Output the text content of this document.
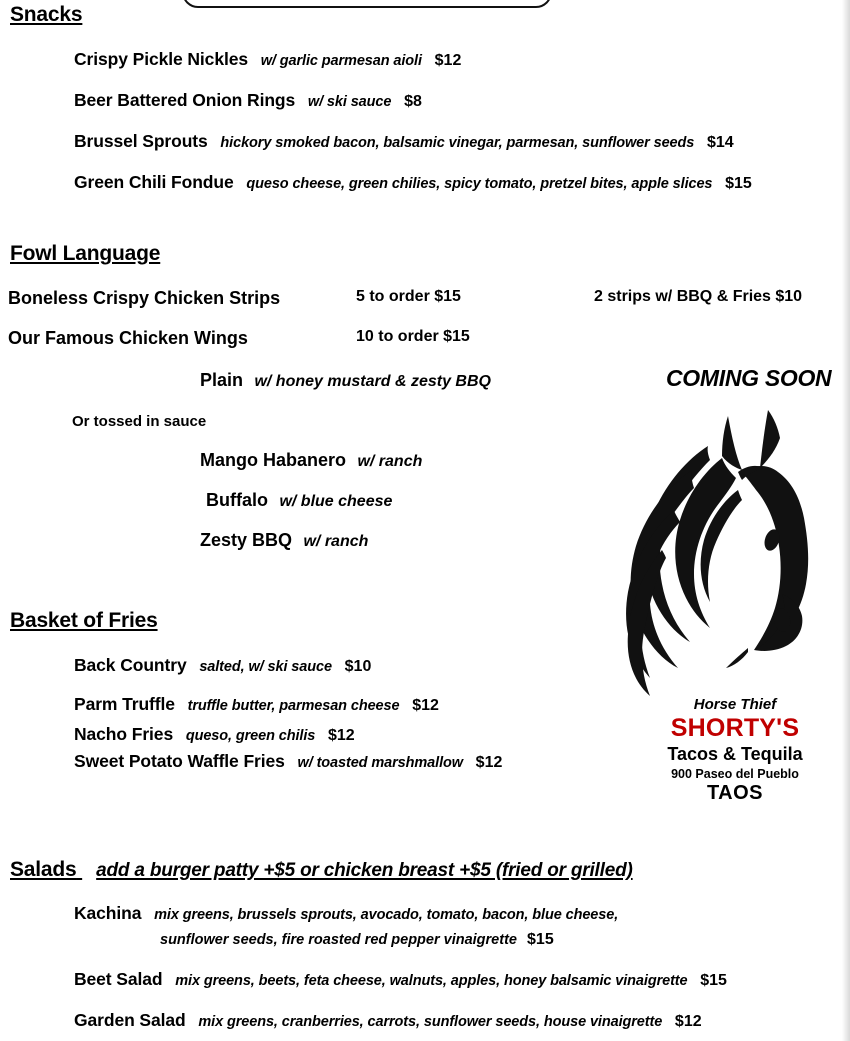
Snacks
Crispy Pickle Nickles w/ garlic parmesan aioli $12
Beer Battered Onion Rings w/ ski sauce $8
Brussel Sprouts hickory smoked bacon, balsamic vinegar, parmesan, sunflower seeds $14
Green Chili Fondue queso cheese, green chilies, spicy tomato, pretzel bites, apple slices $15
Fowl Language
Boneless Crispy Chicken Strips	5 to order $15	2 strips w/ BBQ & Fries $10
Our Famous Chicken Wings	10 to order $15
Plain w/ honey mustard & zesty BBQ
Or tossed in sauce
Mango Habanero w/ ranch
Buffalo w/ blue cheese
Zesty BBQ w/ ranch
Basket of Fries
Back Country salted, w/ ski sauce $10
Parm Truffle truffle butter, parmesan cheese $12
Nacho Fries queso, green chilis $12
Sweet Potato Waffle Fries w/ toasted marshmallow $12
Salads add a burger patty +$5 or chicken breast +$5 (fried or grilled)
Kachina mix greens, brussels sprouts, avocado, tomato, bacon, blue cheese,
sunflower seeds, fire roasted red pepper vinaigrette $15
Beet Salad mix greens, beets, feta cheese, walnuts, apples, honey balsamic vinaigrette $15
Garden Salad mix greens, cranberries, carrots, sunflower seeds, house vinaigrette $12
COMING SOON
Horse Thief
SHORTY'S
Tacos & Tequila
900 Paseo del Pueblo
TAOS
